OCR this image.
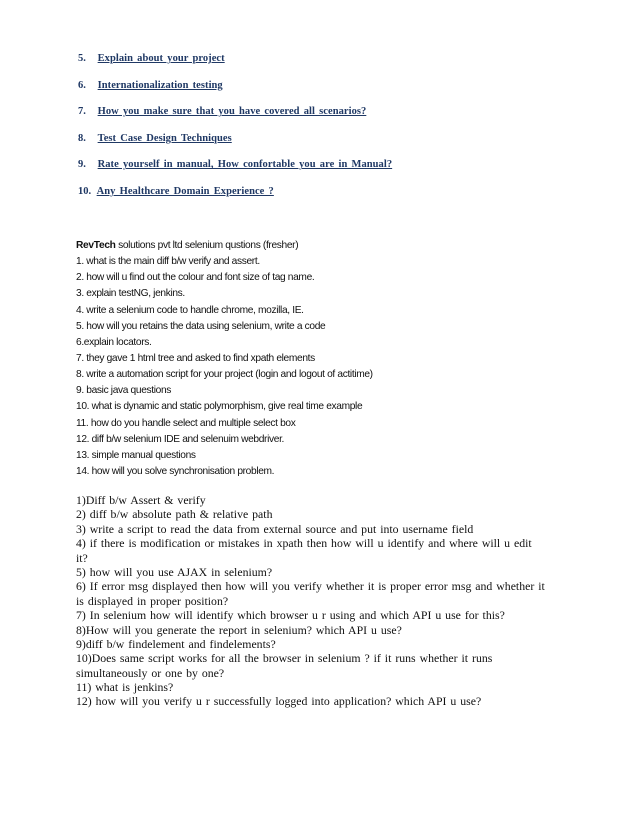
5. Explain about your project
6. Internationalization testing
7. How you make sure that you have covered all scenarios?
8. Test Case Design Techniques
9. Rate yourself in manual, How confortable you are in Manual?
10. Any Healthcare Domain Experience ?
RevTech solutions pvt ltd selenium qustions (fresher)
1. what is the main diff b/w verify and assert.
2. how will u find out the colour and font size of tag name.
3. explain testNG, jenkins.
4. write a selenium code to handle chrome, mozilla, IE.
5. how will you retains the data using selenium, write a code
6.explain locators.
7. they gave 1 html tree and asked to find xpath elements
8. write a automation script for your project (login and logout of actitime)
9. basic java questions
10. what is dynamic and static polymorphism, give real time example
11. how do you handle select and multiple select box
12. diff b/w selenium IDE and selenuim webdriver.
13. simple manual questions
14. how will you solve synchronisation problem.
1)Diff b/w Assert & verify
2) diff b/w absolute path & relative path
3) write a script to read the data from external source and put into username field
4) if there is modification or mistakes in xpath then how will u identify and where will u edit
it?
5) how will you use AJAX in selenium?
6) If error msg displayed then how will you verify whether it is proper error msg and whether it
is displayed in proper position?
7) In selenium how will identify which browser u r using and which API u use for this?
8)How will you generate the report in selenium? which API u use?
9)diff b/w findelement and findelements?
10)Does same script works for all the browser in selenium ? if it runs whether it runs
simultaneously or one by one?
11) what is jenkins?
12) how will you verify u r successfully logged into application? which API u use?
